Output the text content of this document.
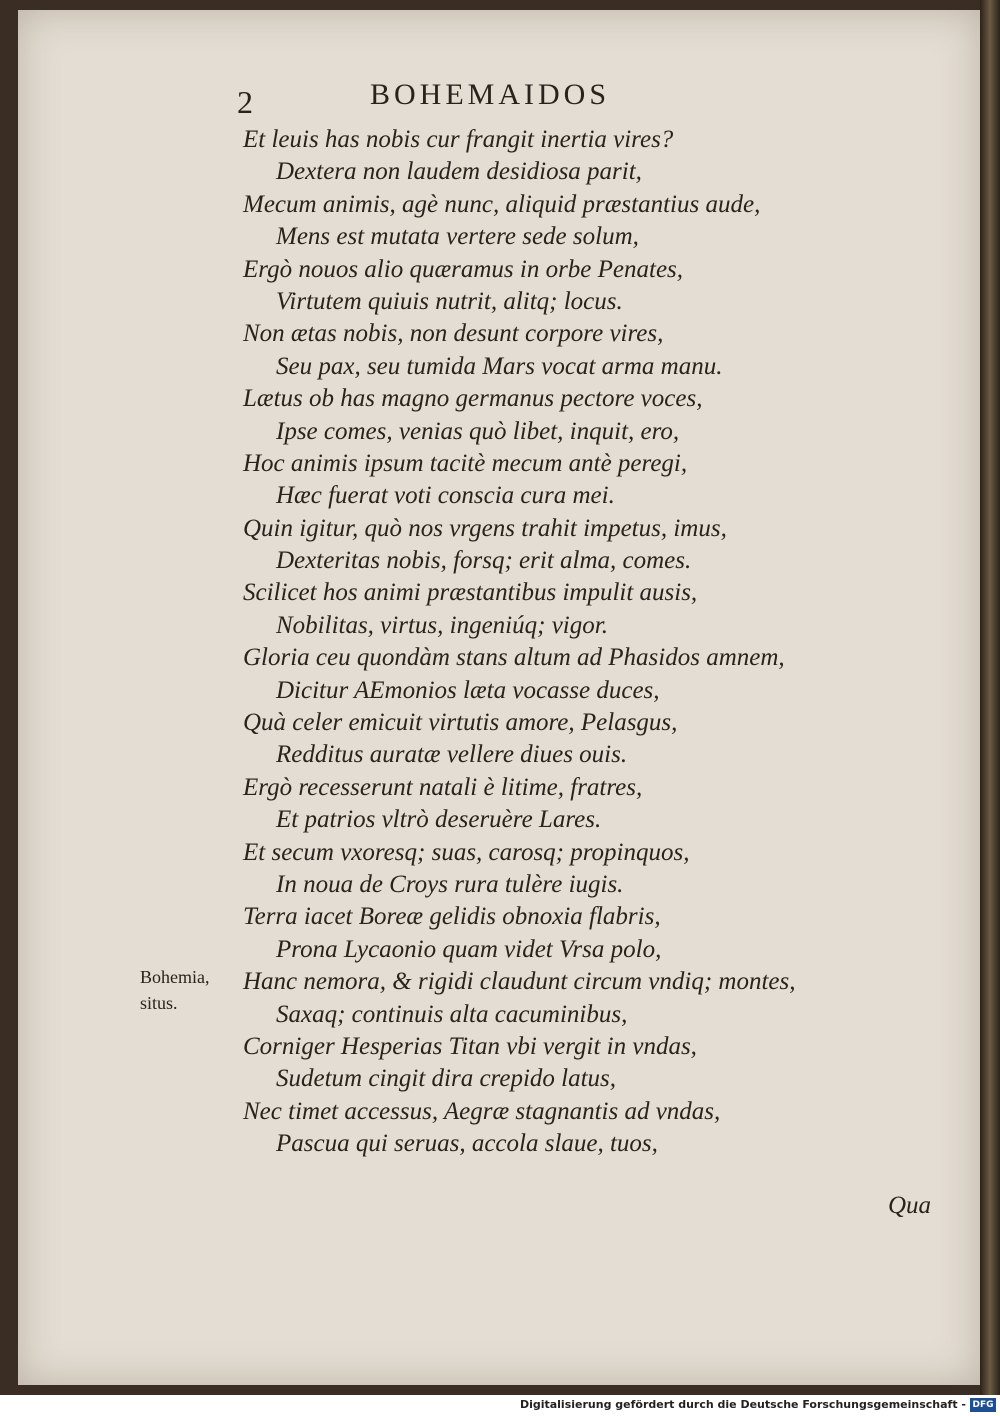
2	BOHEMAIDOS
Et leuis has nobis cur frangit inertia vires?
Dextera non laudem desidiosa parit,
Mecum animis, agè nunc, aliquid præstantius aude,
Mens est mutata vertere sede solum,
Ergò nouos alio quæramus in orbe Penates,
Virtutem quiuis nutrit, alitq; locus.
Non ætas nobis, non desunt corpore vires,
Seu pax, seu tumida Mars vocat arma manu.
Lætus ob has magno germanus pectore voces,
Ipse comes, venias quò libet, inquit, ero,
Hoc animis ipsum tacitè mecum antè peregi,
Hæc fuerat voti conscia cura mei.
Quin igitur, quò nos vrgens trahit impetus, imus,
Dexteritas nobis, forsq; erit alma, comes.
Scilicet hos animi præstantibus impulit ausis,
Nobilitas, virtus, ingeniúq; vigor.
Gloria ceu quondàm stans altum ad Phasidos amnem,
Dicitur AEmonios læta vocasse duces,
Quà celer emicuit virtutis amore, Pelasgus,
Redditus auratæ vellere diues ouis.
Ergò recesserunt natali è litime, fratres,
Et patrios vltrò deseruère Lares.
Et secum vxoresq; suas, carosq; propinquos,
In noua de Croys rura tulère iugis.
Terra iacet Boreæ gelidis obnoxia flabris,
Prona Lycaonio quam videt Vrsa polo,
Hanc nemora, & rigidi claudunt circum vndiq; montes,
Saxaq; continuis alta cacuminibus,
Corniger Hesperias Titan vbi vergit in vndas,
Sudetum cingit dira crepido latus,
Nec timet accessus, Aegræ stagnantis ad vndas,
Pascua qui seruas, accola slaue, tuos,
Bohemia,
situs.
Qua
Digitalisierung gefördert durch die Deutsche Forschungsgemeinschaft - DFG
